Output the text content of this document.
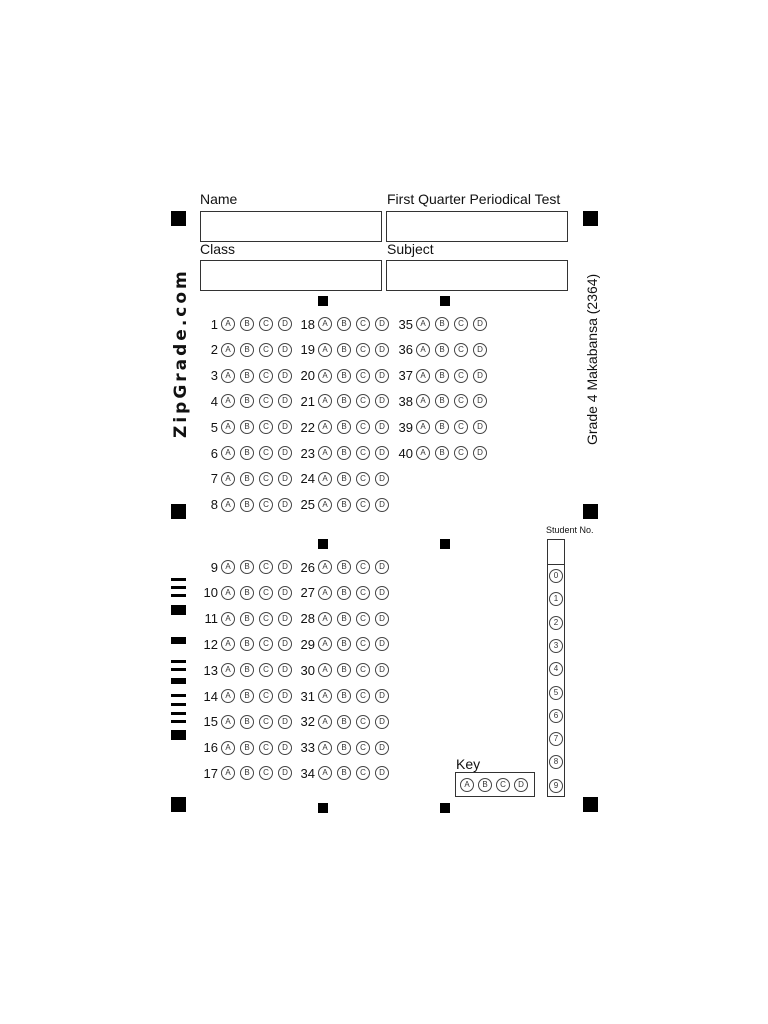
ZipGrade.com	Grade 4 Makabansa (2364)
Name	First Quarter Periodical Test
Class	Subject
1 A	B	C	D
2 A	B	C	D
3 A	B	C	D
4 A	B	C	D
5 A	B	C	D
6 A	B	C	D
7 A	B	C	D
8 A	B	C	D
18 A	B	C	D
19 A	B	C	D
20 A	B	C	D
21 A	B	C	D
22 A	B	C	D
23 A	B	C	D
24 A	B	C	D
25 A	B	C	D
35 A	B	C	D
36 A	B	C	D
37 A	B	C	D
38 A	B	C	D
39 A	B	C	D
40 A	B	C	D
9 A	B	C	D
10 A	B	C	D
11 A	B	C	D
12 A	B	C	D
13 A	B	C	D
14 A	B	C	D
15 A	B	C	D
16 A	B	C	D
17 A	B	C	D
26 A	B	C	D
27 A	B	C	D
28 A	B	C	D
29 A	B	C	D
30 A	B	C	D
31 A	B	C	D
32 A	B	C	D
33 A	B	C	D
34 A	B	C	D
Key
A	B	C	D
Student No.
0
1
2
3
4
5
6
7
8
9
